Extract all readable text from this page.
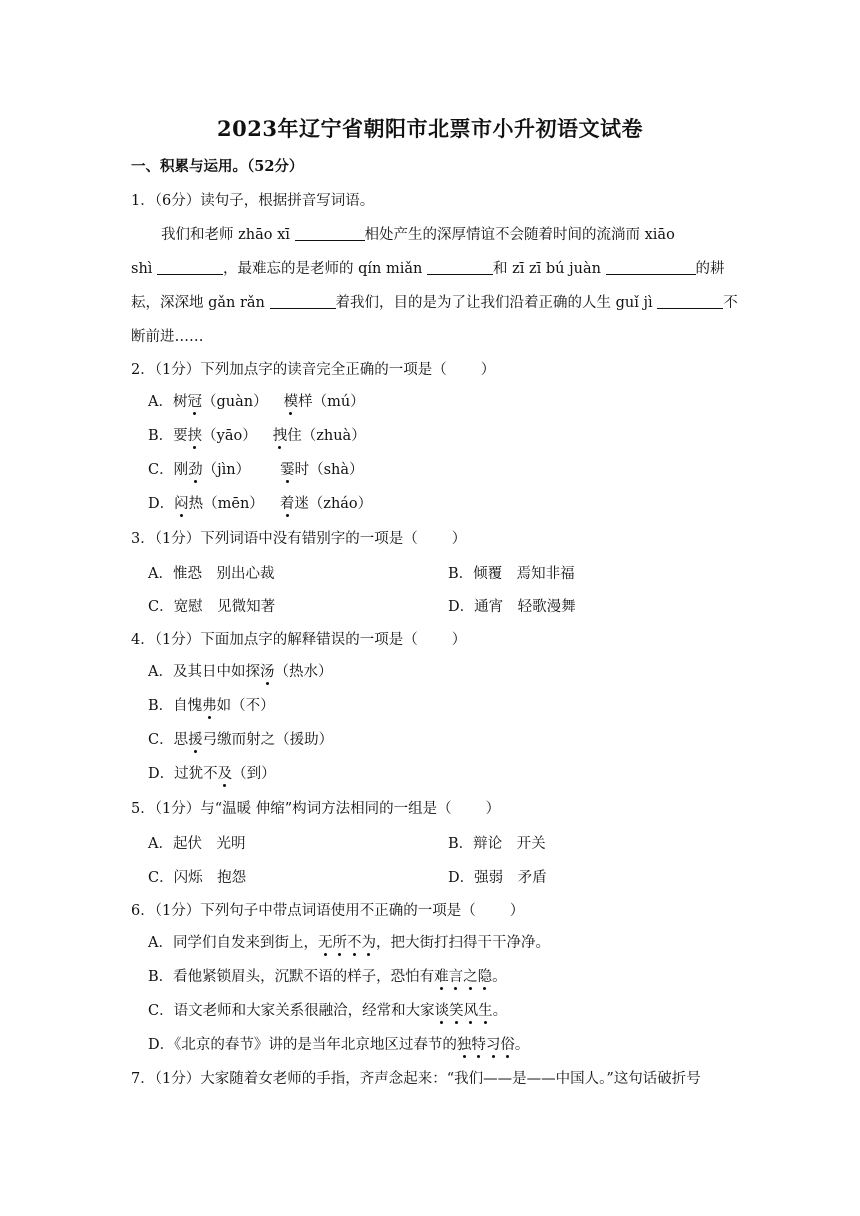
2023年辽宁省朝阳市北票市小升初语文试卷
一、积累与运用。（52分）
1．（6分）读句子，根据拼音写词语。
我们和老师 zhāo xī	相处产生的深厚情谊不会随着时间的流淌而 xiāo
shì	，最难忘的是老师的 qín miǎn	和 zī zī bú juàn	的耕
耘，深深地 gǎn rǎn	着我们，目的是为了让我们沿着正确的人生 guǐ jì	不
断前进……
2．（1分）下列加点字的读音完全正确的一项是（ ）
A．树冠（guàn） 模样（mú）
B．要挟（yāo） 拽住（zhuà）
C．刚劲（jìn） 霎时（shà）
D．闷热（mēn） 着迷（zháo）
3．（1分）下列词语中没有错别字的一项是（ ）
A．惟恐　别出心裁	B．倾覆　焉知非福
C．宽慰　见微知著	D．通宵　轻歌漫舞
4．（1分）下面加点字的解释错误的一项是（ ）
A．及其日中如探汤（热水）
B．自愧弗如（不）
C．思援弓缴而射之（援助）
D．过犹不及（到）
5．（1分）与“温暖 伸缩”构词方法相同的一组是（ ）
A．起伏　光明	B．辩论　开关
C．闪烁　抱怨	D．强弱　矛盾
6．（1分）下列句子中带点词语使用不正确的一项是（ ）
A．同学们自发来到街上，无所不为，把大街打扫得干干净净。
B．看他紧锁眉头，沉默不语的样子，恐怕有难言之隐。
C．语文老师和大家关系很融洽，经常和大家谈笑风生。
D．《北京的春节》讲的是当年北京地区过春节的独特习俗。
7．（1分）大家随着女老师的手指，齐声念起来：“我们——是——中国人。”这句话破折号
